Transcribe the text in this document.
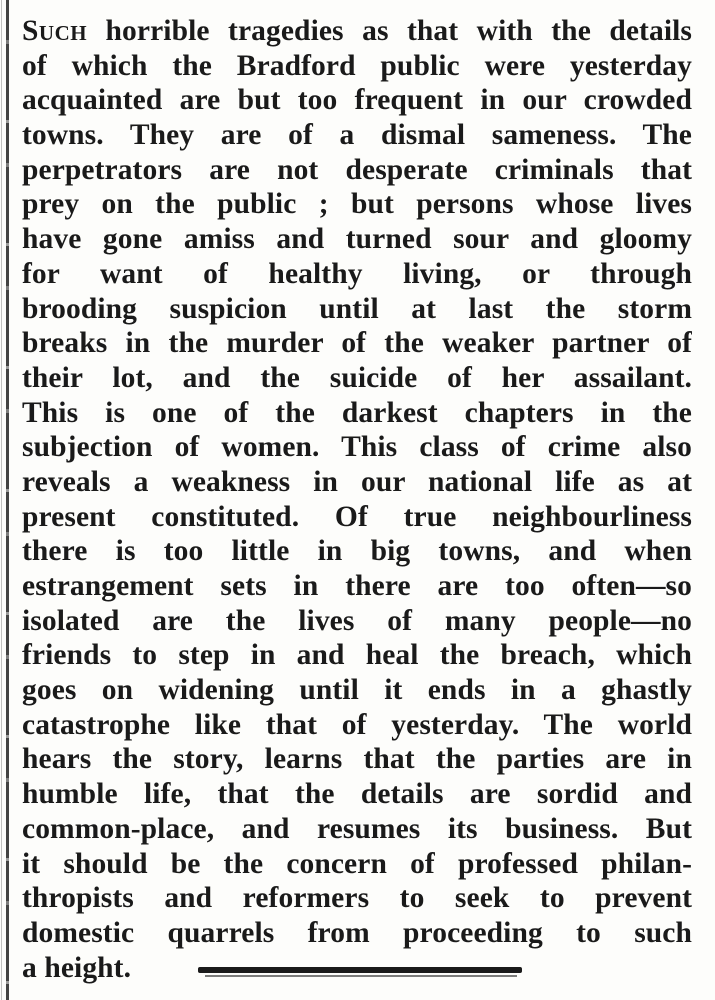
Such horrible tragedies as that with the details
of which the Bradford public were yesterday
acquainted are but too frequent in our crowded
towns. They are of a dismal sameness. The
perpetrators are not desperate criminals that
prey on the public ; but persons whose lives
have gone amiss and turned sour and gloomy
for want of healthy living, or through
brooding suspicion until at last the storm
breaks in the murder of the weaker partner of
their lot, and the suicide of her assailant.
This is one of the darkest chapters in the
subjection of women. This class of crime also
reveals a weakness in our national life as at
present constituted. Of true neighbourliness
there is too little in big towns, and when
estrangement sets in there are too often—so
isolated are the lives of many people—no
friends to step in and heal the breach, which
goes on widening until it ends in a ghastly
catastrophe like that of yesterday. The world
hears the story, learns that the parties are in
humble life, that the details are sordid and
common-place, and resumes its business. But
it should be the concern of professed philan-
thropists and reformers to seek to prevent
domestic quarrels from proceeding to such
a height.
